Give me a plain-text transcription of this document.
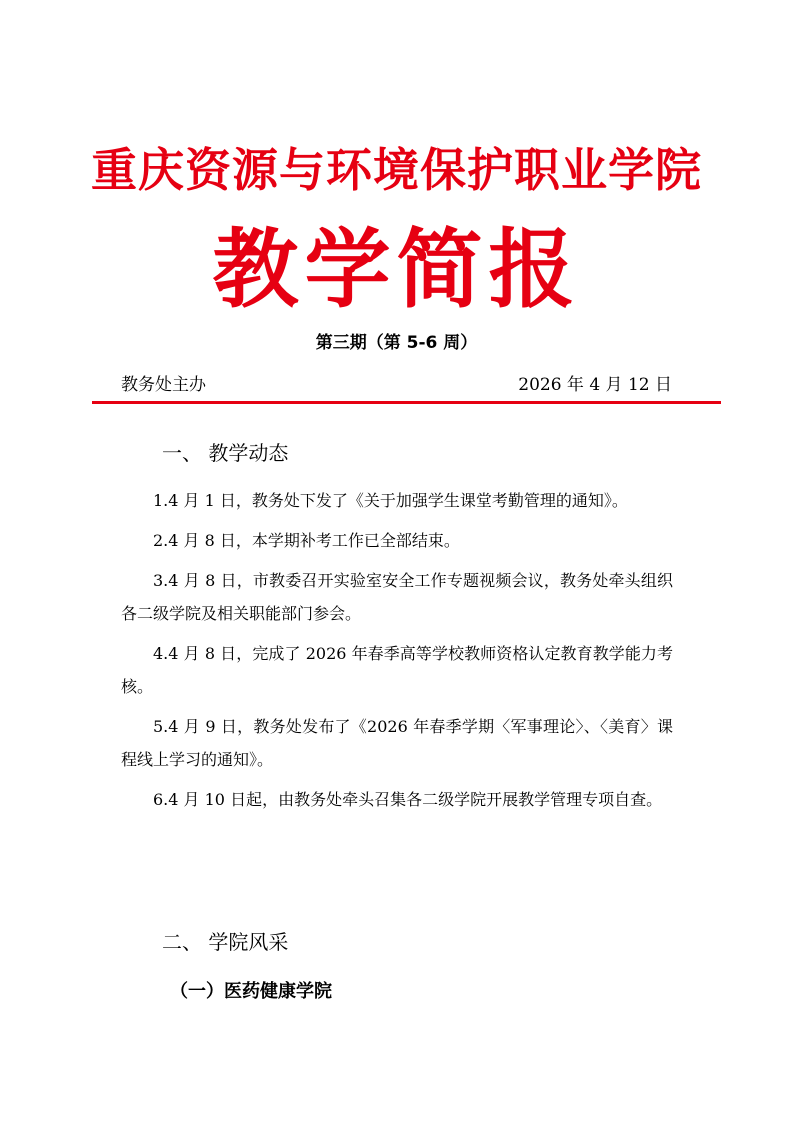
重庆资源与环境保护职业学院
教学简报
第三期（第 5-6 周）
教务处主办	2026 年 4 月 12 日
一、 教学动态

1.4 月 1 日，教务处下发了《关于加强学生课堂考勤管理的通知》。

2.4 月 8 日，本学期补考工作已全部结束。

3.4 月 8 日，市教委召开实验室安全工作专题视频会议，教务处牵头组织各二级学院及相关职能部门参会。

4.4 月 8 日，完成了 2026 年春季高等学校教师资格认定教育教学能力考核。

5.4 月 9 日，教务处发布了《2026 年春季学期〈军事理论〉、〈美育〉课程线上学习的通知》。

6.4 月 10 日起，由教务处牵头召集各二级学院开展教学管理专项自查。

二、 学院风采
（一）医药健康学院
